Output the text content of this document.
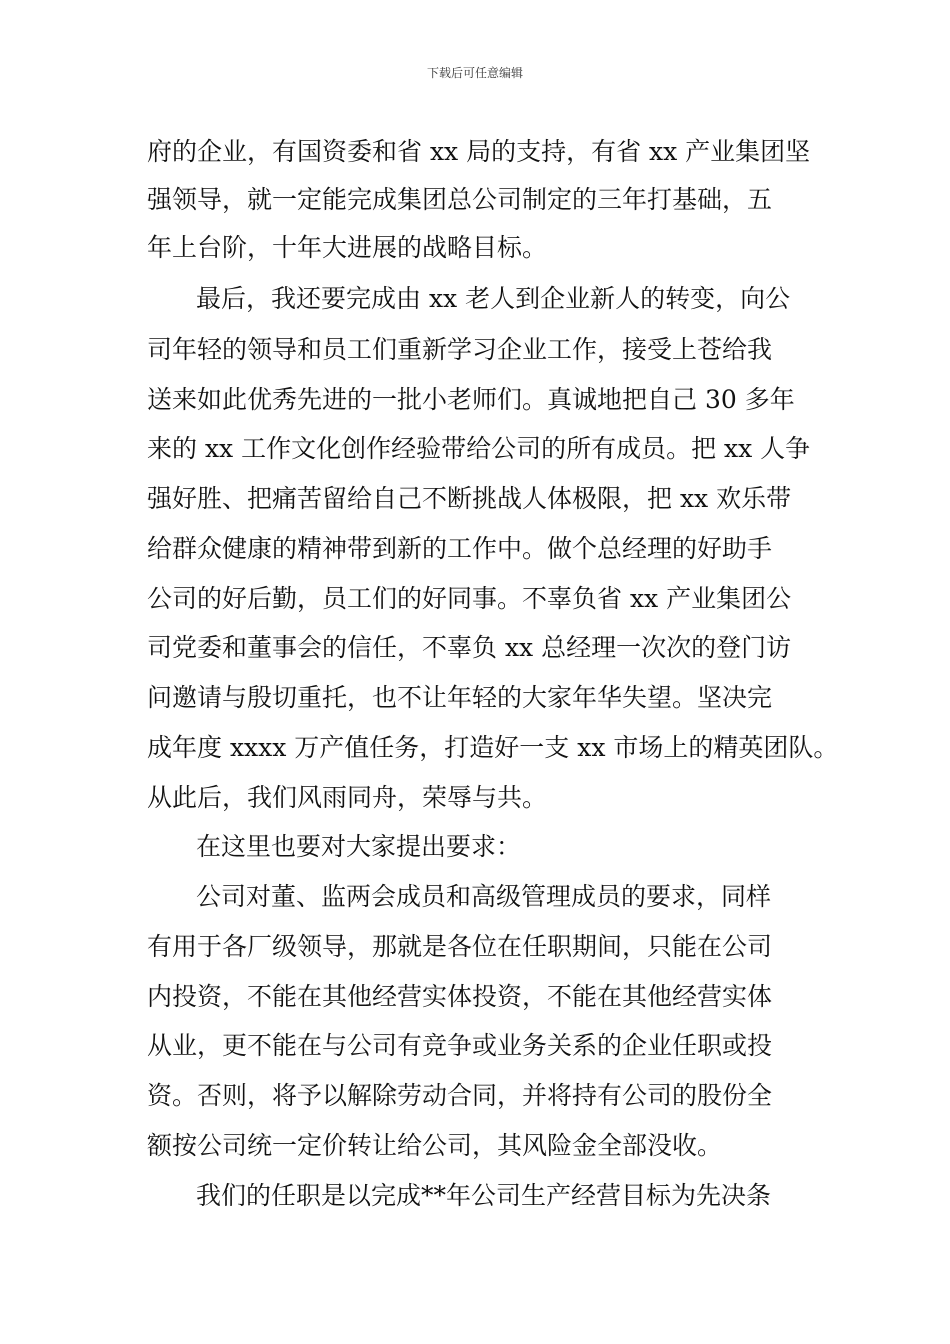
下载后可任意编辑
府的企业，有国资委和省 xx 局的支持，有省 xx 产业集团坚
强领导，就一定能完成集团总公司制定的三年打基础，五
年上台阶，十年大进展的战略目标。
最后，我还要完成由 xx 老人到企业新人的转变，向公
司年轻的领导和员工们重新学习企业工作，接受上苍给我
送来如此优秀先进的一批小老师们。真诚地把自己 30 多年
来的 xx 工作文化创作经验带给公司的所有成员。把 xx 人争
强好胜、把痛苦留给自己不断挑战人体极限，把 xx 欢乐带
给群众健康的精神带到新的工作中。做个总经理的好助手
公司的好后勤，员工们的好同事。不辜负省 xx 产业集团公
司党委和董事会的信任，不辜负 xx 总经理一次次的登门访
问邀请与殷切重托，也不让年轻的大家年华失望。坚决完
成年度 xxxx 万产值任务，打造好一支 xx 市场上的精英团队。
从此后，我们风雨同舟，荣辱与共。
在这里也要对大家提出要求：
公司对董、监两会成员和高级管理成员的要求，同样
有用于各厂级领导，那就是各位在任职期间，只能在公司
内投资，不能在其他经营实体投资，不能在其他经营实体
从业，更不能在与公司有竞争或业务关系的企业任职或投
资。否则，将予以解除劳动合同，并将持有公司的股份全
额按公司统一定价转让给公司，其风险金全部没收。
我们的任职是以完成**年公司生产经营目标为先决条
